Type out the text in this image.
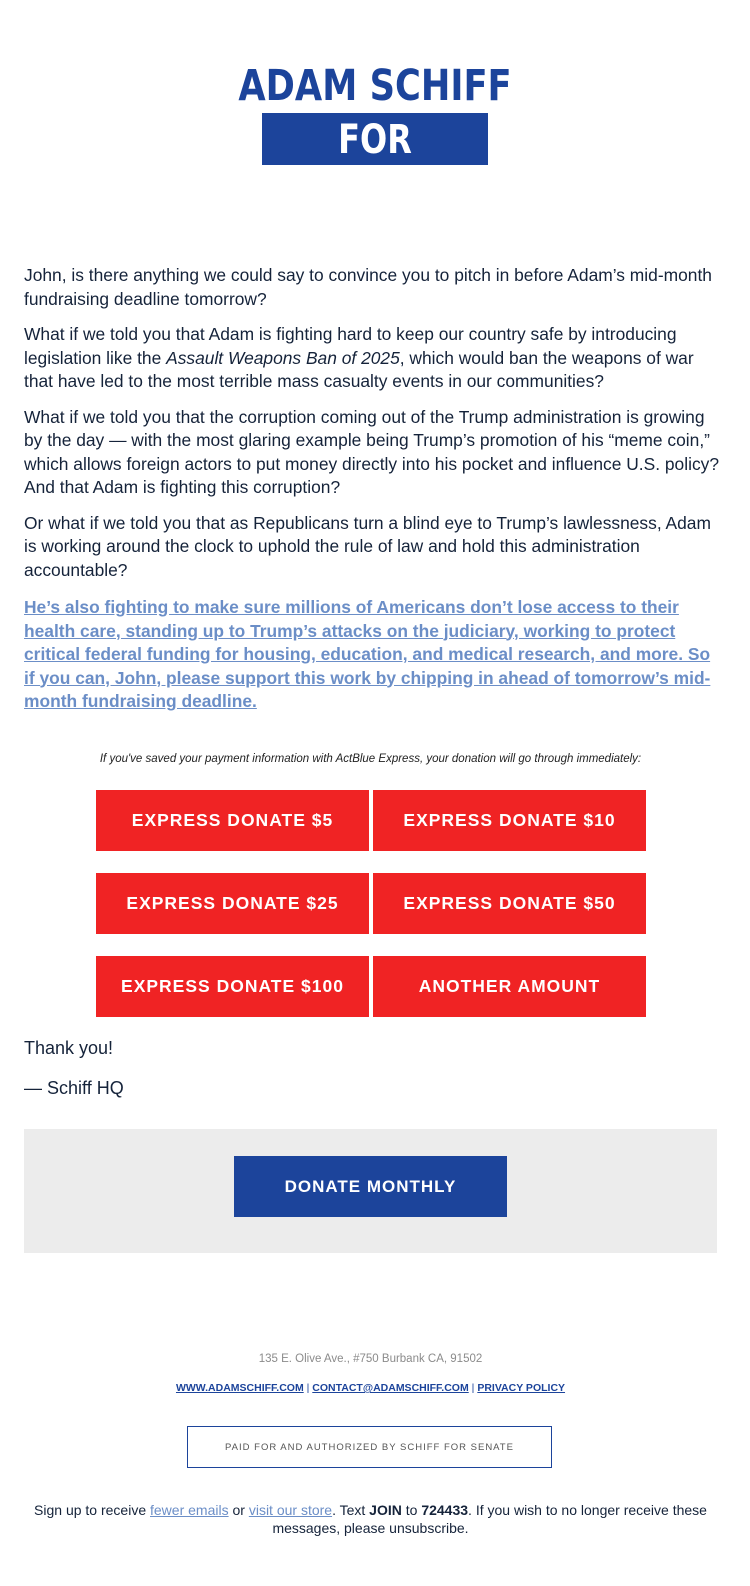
ADAM SCHIFF
FOR SENATE

John, is there anything we could say to convince you to pitch in before Adam’s mid-month fundraising deadline tomorrow?

What if we told you that Adam is fighting hard to keep our country safe by introducing legislation like the Assault Weapons Ban of 2025, which would ban the weapons of war that have led to the most terrible mass casualty events in our communities?

What if we told you that the corruption coming out of the Trump administration is growing by the day — with the most glaring example being Trump’s promotion of his “meme coin,” which allows foreign actors to put money directly into his pocket and influence U.S. policy? And that Adam is fighting this corruption?

Or what if we told you that as Republicans turn a blind eye to Trump’s lawlessness, Adam is working around the clock to uphold the rule of law and hold this administration accountable?

He’s also fighting to make sure millions of Americans don’t lose access to their health care, standing up to Trump’s attacks on the judiciary, working to protect critical federal funding for housing, education, and medical research, and more. So if you can, John, please support this work by chipping in ahead of tomorrow’s mid-month fundraising deadline.

If you've saved your payment information with ActBlue Express, your donation will go through immediately:
EXPRESS DONATE $5	EXPRESS DONATE $10
EXPRESS DONATE $25	EXPRESS DONATE $50
EXPRESS DONATE $100	ANOTHER AMOUNT
Thank you!
— Schiff HQ
DONATE MONTHLY
135 E. Olive Ave., #750 Burbank CA, 91502
WWW.ADAMSCHIFF.COM | CONTACT@ADAMSCHIFF.COM | PRIVACY POLICY
PAID FOR AND AUTHORIZED BY SCHIFF FOR SENATE
Sign up to receive fewer emails or visit our store. Text JOIN to 724433. If you wish to no longer receive these messages, please unsubscribe.
